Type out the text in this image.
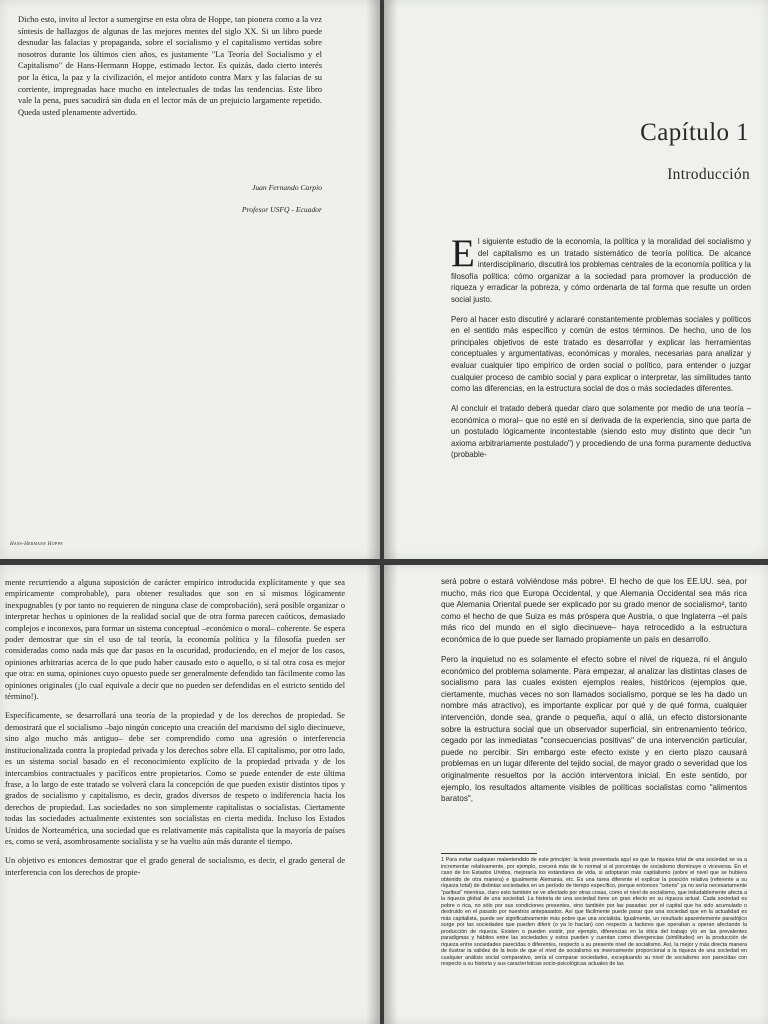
Dicho esto, invito al lector a sumergirse en esta obra de Hoppe, tan pionera como a la vez síntesis de hallazgos de algunas de las mejores mentes del siglo XX. Si un libro puede desnudar las falacias y propaganda, sobre el socialismo y el capitalismo vertidas sobre nosotros durante los últimos cien años, es justamente "La Teoría del Socialismo y el Capitalismo" de Hans-Hermann Hoppe, estimado lector. Es quizás, dado cierto interés por la ética, la paz y la civilización, el mejor antídoto contra Marx y las falacias de su corriente, impregnadas hace mucho en intelectuales de todas las tendencias. Este libro vale la pena, pues sacudirá sin duda en el lector más de un prejuicio largamente repetido. Queda usted plenamente advertido.

Juan Fernando Carpio
Profesor USFQ - Ecuador
Hans-Hermann Hoppe
Capítulo 1
Introducción

El siguiente estudio de la economía, la política y la moralidad del socialismo y del capitalismo es un tratado sistemático de teoría política. De alcance interdisciplinario, discutirá los problemas centrales de la economía política y la filosofía política: cómo organizar a la sociedad para promover la producción de riqueza y erradicar la pobreza, y cómo ordenarla de tal forma que resulte un orden social justo.

Pero al hacer esto discutiré y aclararé constantemente problemas sociales y políticos en el sentido más específico y común de estos términos. De hecho, uno de los principales objetivos de este tratado es desarrollar y explicar las herramientas conceptuales y argumentativas, económicas y morales, necesarias para analizar y evaluar cualquier tipo empírico de orden social o político, para entender o juzgar cualquier proceso de cambio social y para explicar o interpretar, las similitudes tanto como las diferencias, en la estructura social de dos o más sociedades diferentes.

Al concluir el tratado deberá quedar claro que solamente por medio de una teoría –económica o moral– que no esté en sí derivada de la experiencia, sino que parta de un postulado lógicamente incontestable (siendo esto muy distinto que decir "un axioma arbitrariamente postulado") y procediendo de una forma puramente deductiva (probable-

mente recurriendo a alguna suposición de carácter empírico introducida explícitamente y que sea empíricamente comprobable), para obtener resultados que son en sí mismos lógicamente inexpugnables (y por tanto no requieren de ninguna clase de comprobación), será posible organizar o interpretar hechos u opiniones de la realidad social que de otra forma parecen caóticos, demasiado complejos e inconexos, para formar un sistema conceptual –económico o moral– coherente. Se espera poder demostrar que sin el uso de tal teoría, la economía política y la filosofía pueden ser consideradas como nada más que dar pasos en la oscuridad, produciendo, en el mejor de los casos, opiniones arbitrarias acerca de lo que pudo haber causado esto o aquello, o si tal otra cosa es mejor que otra: en suma, opiniones cuyo opuesto puede ser generalmente defendido tan fácilmente como las opiniones originales (¡lo cual equivale a decir que no pueden ser defendidas en el estricto sentido del término!).

Específicamente, se desarrollará una teoría de la propiedad y de los derechos de propiedad. Se demostrará que el socialismo –bajo ningún concepto una creación del marxismo del siglo diecinueve, sino algo mucho más antiguo– debe ser comprendido como una agresión o interferencia institucionalizada contra la propiedad privada y los derechos sobre ella. El capitalismo, por otro lado, es un sistema social basado en el reconocimiento explícito de la propiedad privada y de los intercambios contractuales y pacíficos entre propietarios. Como se puede entender de este última frase, a lo largo de este tratado se volverá clara la concepción de que pueden existir distintos tipos y grados de socialismo y capitalismo, es decir, grados diversos de respeto o indiferencia hacia los derechos de propiedad. Las sociedades no son simplemente capitalistas o socialistas. Ciertamente todas las sociedades actualmente existentes son socialistas en cierta medida. Incluso los Estados Unidos de Norteamérica, una sociedad que es relativamente más capitalista que la mayoría de países es, como se verá, asombrosamente socialista y se ha vuelto aún más durante el tiempo.

Un objetivo es entonces demostrar que el grado general de socialismo, es decir, el grado general de interferencia con los derechos de propie-

será pobre o estará volviéndose más pobre¹. El hecho de que los EE.UU. sea, por mucho, más rico que Europa Occidental, y que Alemania Occidental sea más rica que Alemania Oriental puede ser explicado por su grado menor de socialismo², tanto como el hecho de que Suiza es más próspera que Austria, o que Inglaterra –el país más rico del mundo en el siglo diecinueve– haya retrocedido a la estructura económica de lo que puede ser llamado propiamente un país en desarrollo.

Pero la inquietud no es solamente el efecto sobre el nivel de riqueza, ni el ángulo económico del problema solamente. Para empezar, al analizar las distintas clases de socialismo para las cuales existen ejemplos reales, históricos (ejemplos que, ciertamente, muchas veces no son llamados socialismo, porque se les ha dado un nombre más atractivo), es importante explicar por qué y de qué forma, cualquier intervención, donde sea, grande o pequeña, aquí o allá, un efecto distorsionante sobre la estructura social que un observador superficial, sin entrenamiento teórico, cegado por las inmediatas "consecuencias positivas" de una intervención particular, puede no percibir. Sin embargo este efecto existe y en cierto plazo causará problemas en un lugar diferente del tejido social, de mayor grado o severidad que los originalmente resueltos por la acción interventora inicial. En este sentido, por ejemplo, los resultados altamente visibles de políticas socialistas como "alimentos baratos",

1 Para evitar cualquier malentendido de este principio: la tesis presentada aquí es que la riqueza total de una sociedad se va a incrementar relativamente, por ejemplo, crecerá más de lo normal si el porcentaje de socialismo disminuye o viceversa. En el caso de los Estados Unidos, mejoraría los estándares de vida, si adoptaran más capitalismo (sobre el nivel que se hubiera obtenido de otra manera) e igualmente Alemania, etc. Es una tarea diferente el explicar la posición relativa (referente a su riqueza total) de distintas sociedades en un período de tiempo específico, porque entonces "ceteris" ya no sería necesariamente "paribus" mientras, claro esto también se ve afectado por otras cosas, como el nivel de socialismo, que indudablemente afecta a la riqueza global de una sociedad. La historia de una sociedad tiene un gran efecto en su riqueza actual. Cada sociedad es pobre o rica, no sólo por sus condiciones presentes, sino también por las pasadas: por el capital que ha sido acumulado o destruido en el pasado por nuestros antepasados. Así que fácilmente puede pasar que una sociedad que en la actualidad es más capitalista, puede ser significativamente más pobre que una socialista. Igualmente, un resultado aparentemente paradójico surge por las sociedades que pueden diferir (o ya lo hacían) con respecto a factores que operaban u operan afectando la producción de riqueza. Existen o pueden existir, por ejemplo, diferencias en la ética del trabajo y/o en las prevalentes paradigmas y hábitos entre las sociedades y estos pueden y cuentan como divergencias (similitudes) en la producción de riqueza entre sociedades parecidas o diferentes, respecto a su presente nivel de socialismo. Así, la mejor y más directa manera de ilustrar la validez de la tesis de que el nivel de socialismo es inversamente proporcional a la riqueza de una sociedad en cualquier análisis social comparativo, sería el comparar sociedades, exceptuando su nivel de socialismo son parecidas con respecto a su historia y sus características socio-psicológicas actuales de las
